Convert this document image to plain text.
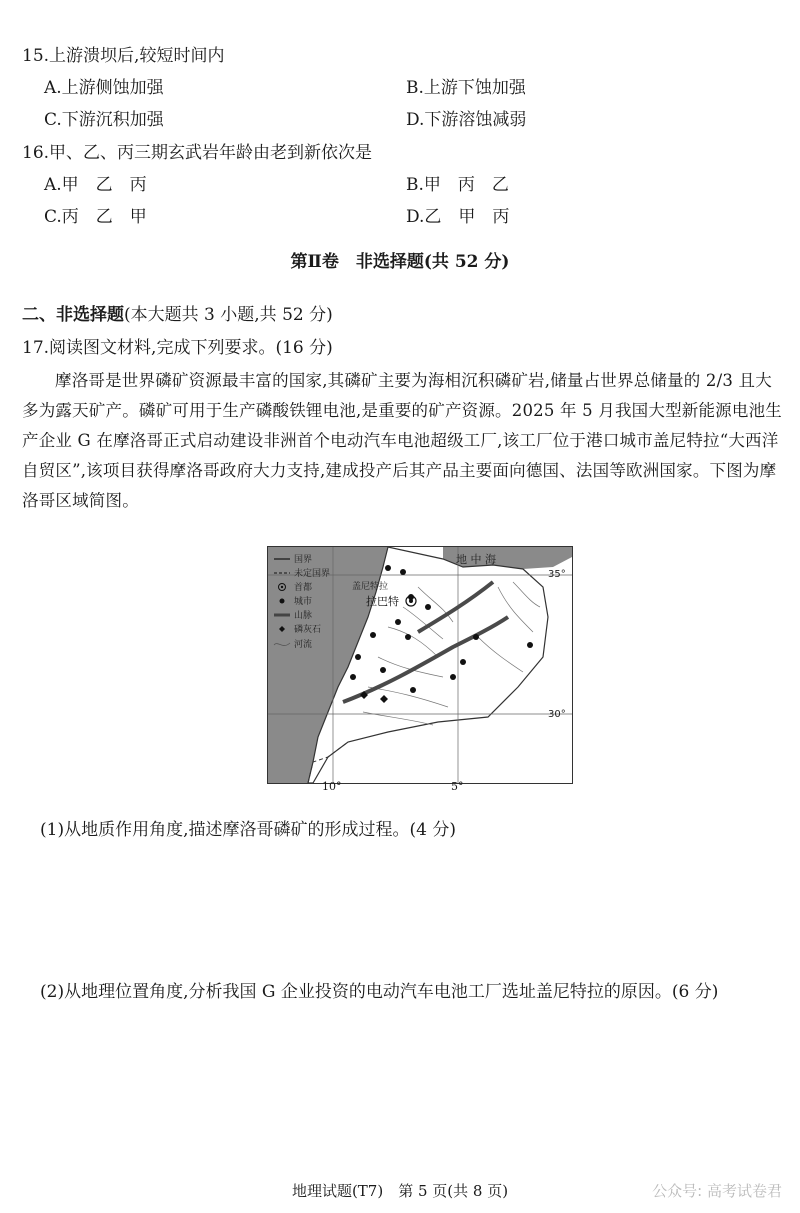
15.上游溃坝后,较短时间内
A.上游侧蚀加强	B.上游下蚀加强
C.下游沉积加强	D.下游溶蚀减弱
16.甲、乙、丙三期玄武岩年龄由老到新依次是
A.甲　乙　丙	B.甲　丙　乙
C.丙　乙　甲	D.乙　甲　丙
第Ⅱ卷　非选择题(共 52 分)
二、非选择题(本大题共 3 小题,共 52 分)
17.阅读图文材料,完成下列要求。(16 分)
摩洛哥是世界磷矿资源最丰富的国家,其磷矿主要为海相沉积磷矿岩,储量占世界总储量的 2/3 且大多为露天矿产。磷矿可用于生产磷酸铁锂电池,是重要的矿产资源。2025 年 5 月我国大型新能源电池生产企业 G 在摩洛哥正式启动建设非洲首个电动汽车电池超级工厂,该工厂位于港口城市盖尼特拉“大西洋自贸区”,该项目获得摩洛哥政府大力支持,建成投产后其产品主要面向德国、法国等欧洲国家。下图为摩洛哥区域简图。
地 中 海
盖尼特拉
拉巴特
35°
30°
国界
未定国界
首都
城市
山脉
磷灰石
河流
10°	5°
(1)从地质作用角度,描述摩洛哥磷矿的形成过程。(4 分)
(2)从地理位置角度,分析我国 G 企业投资的电动汽车电池工厂选址盖尼特拉的原因。(6 分)
地理试题(T7)　第 5 页(共 8 页)	公众号: 高考试卷君
